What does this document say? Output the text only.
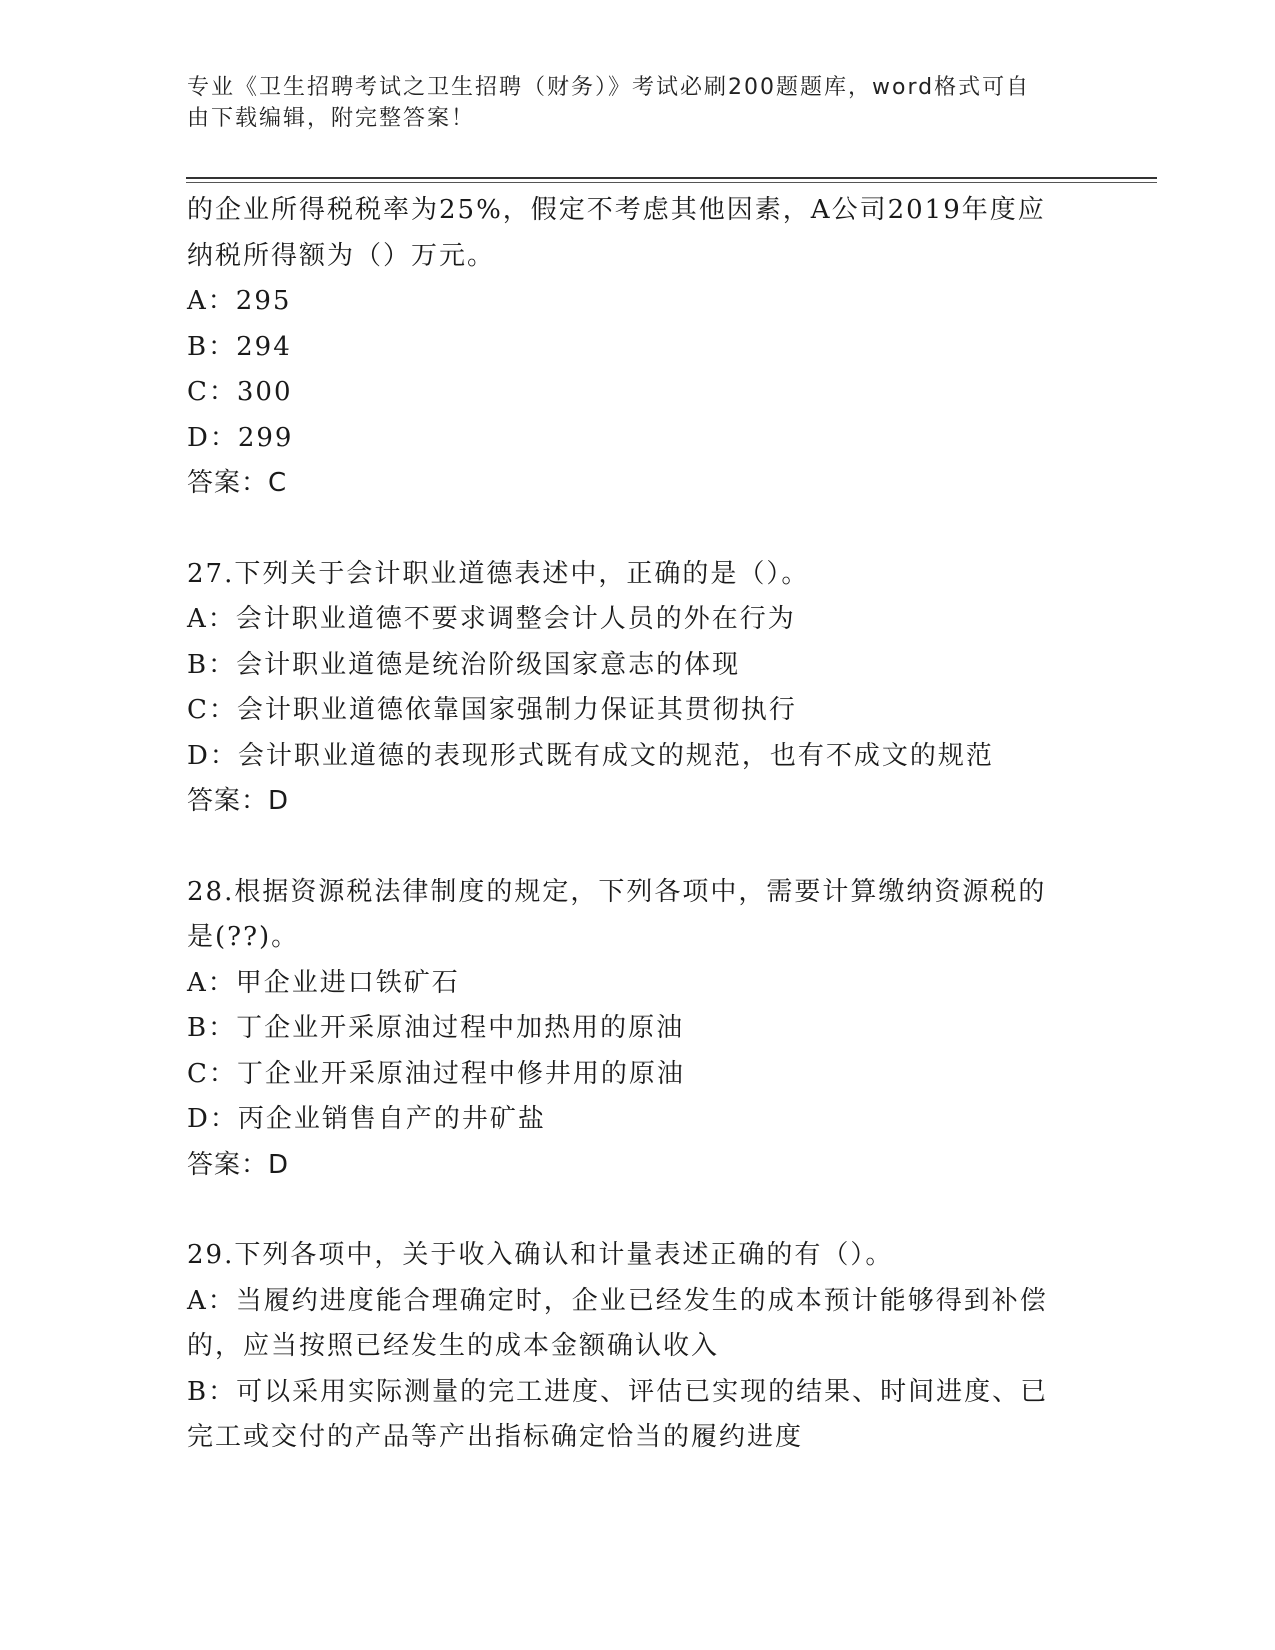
专业《卫生招聘考试之卫生招聘（财务）》考试必刷200题题库，word格式可自
由下载编辑，附完整答案！
的企业所得税税率为25%，假定不考虑其他因素，A公司2019年度应
纳税所得额为（）万元。
A：295
B：294
C：300
D：299
答案：C
27.下列关于会计职业道德表述中，正确的是（）。
A：会计职业道德不要求调整会计人员的外在行为
B：会计职业道德是统治阶级国家意志的体现
C：会计职业道德依靠国家强制力保证其贯彻执行
D：会计职业道德的表现形式既有成文的规范，也有不成文的规范
答案：D
28.根据资源税法律制度的规定，下列各项中，需要计算缴纳资源税的
是(??)。
A：甲企业进口铁矿石
B：丁企业开采原油过程中加热用的原油
C：丁企业开采原油过程中修井用的原油
D：丙企业销售自产的井矿盐
答案：D
29.下列各项中，关于收入确认和计量表述正确的有（）。
A：当履约进度能合理确定时，企业已经发生的成本预计能够得到补偿
的，应当按照已经发生的成本金额确认收入
B：可以采用实际测量的完工进度、评估已实现的结果、时间进度、已
完工或交付的产品等产出指标确定恰当的履约进度
